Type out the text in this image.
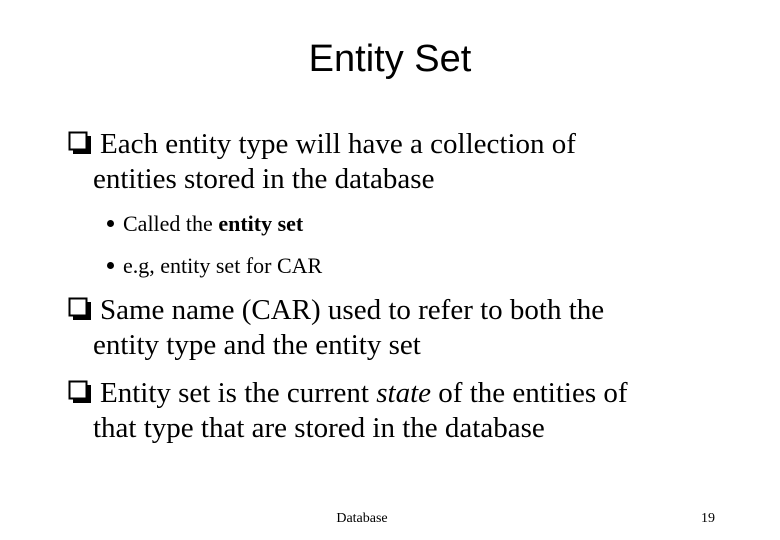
Entity Set
Each entity type will have a collection of
entities stored in the database
Called the entity set
e.g, entity set for CAR
Same name (CAR) used to refer to both the
entity type and the entity set
Entity set is the current state of the entities of
that type that are stored in the database
Database	19
